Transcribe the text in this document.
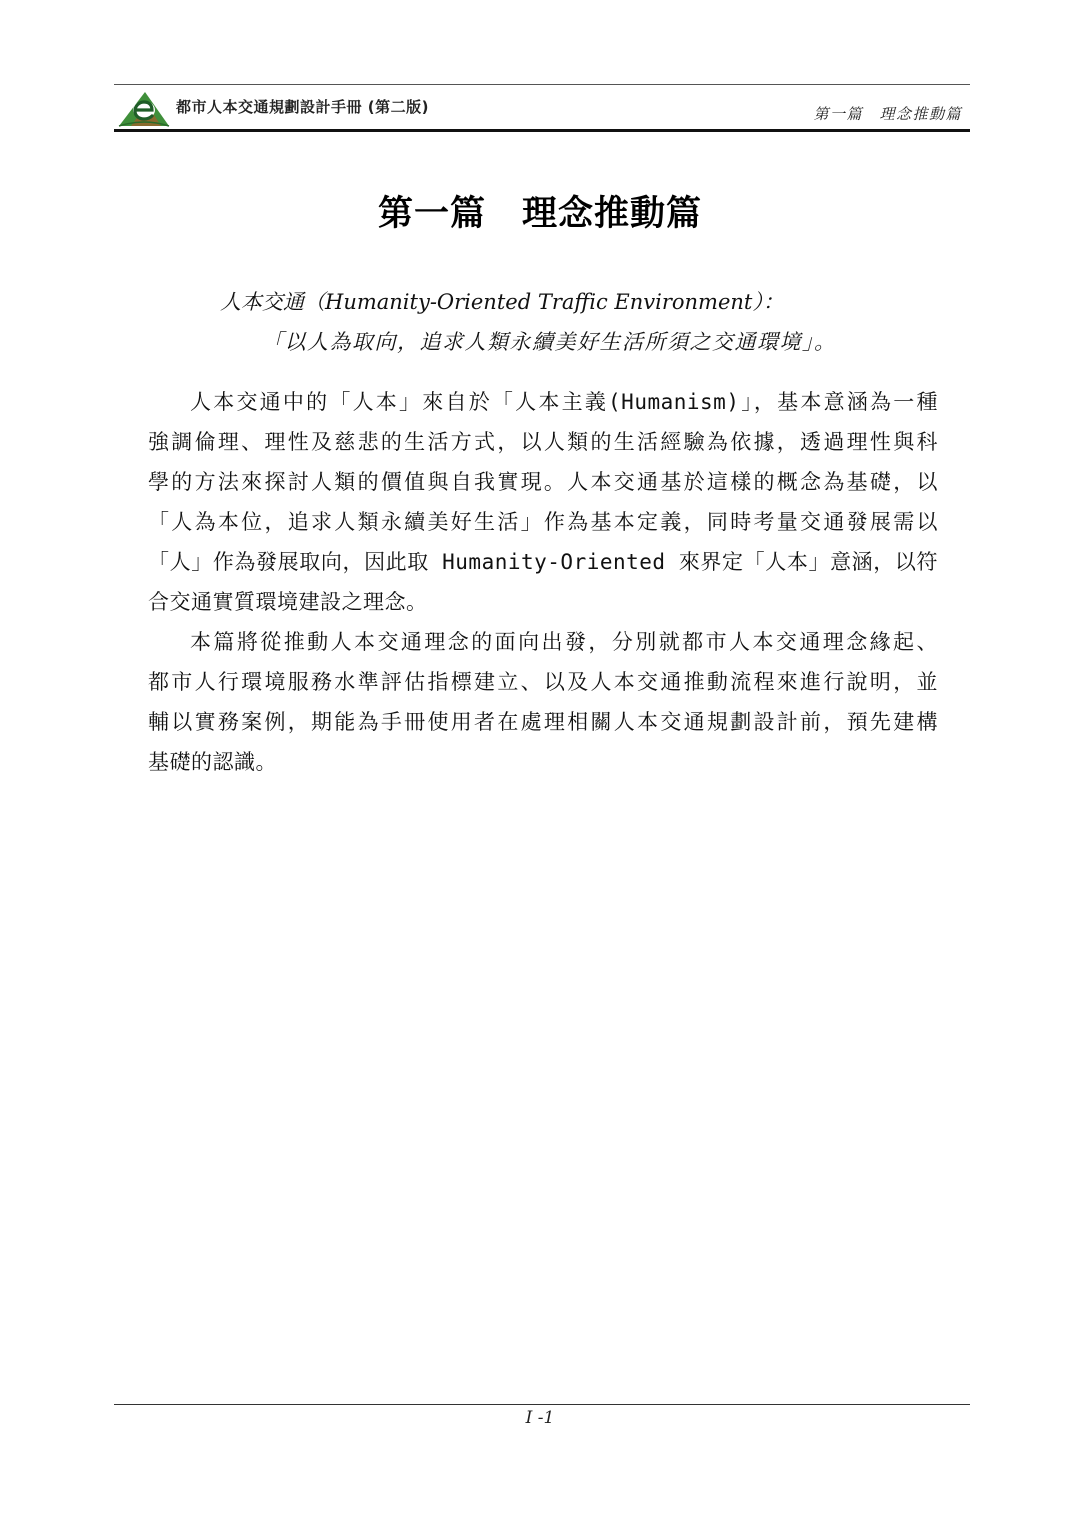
都市人本交通規劃設計手冊 (第二版)	第一篇　理念推動篇
第一篇　理念推動篇
人本交通（Humanity-Oriented Traffic Environment）：
「以人為取向，追求人類永續美好生活所須之交通環境」。
人本交通中的「人本」來自於「人本主義(Humanism)」，基本意涵為一種
強調倫理、理性及慈悲的生活方式，以人類的生活經驗為依據，透過理性與科
學的方法來探討人類的價值與自我實現。人本交通基於這樣的概念為基礎，以
「人為本位，追求人類永續美好生活」作為基本定義，同時考量交通發展需以
「人」作為發展取向，因此取 Humanity-Oriented 來界定「人本」意涵，以符
合交通實質環境建設之理念。
本篇將從推動人本交通理念的面向出發，分別就都市人本交通理念緣起、
都市人行環境服務水準評估指標建立、以及人本交通推動流程來進行說明，並
輔以實務案例，期能為手冊使用者在處理相關人本交通規劃設計前，預先建構
基礎的認識。
I -1
